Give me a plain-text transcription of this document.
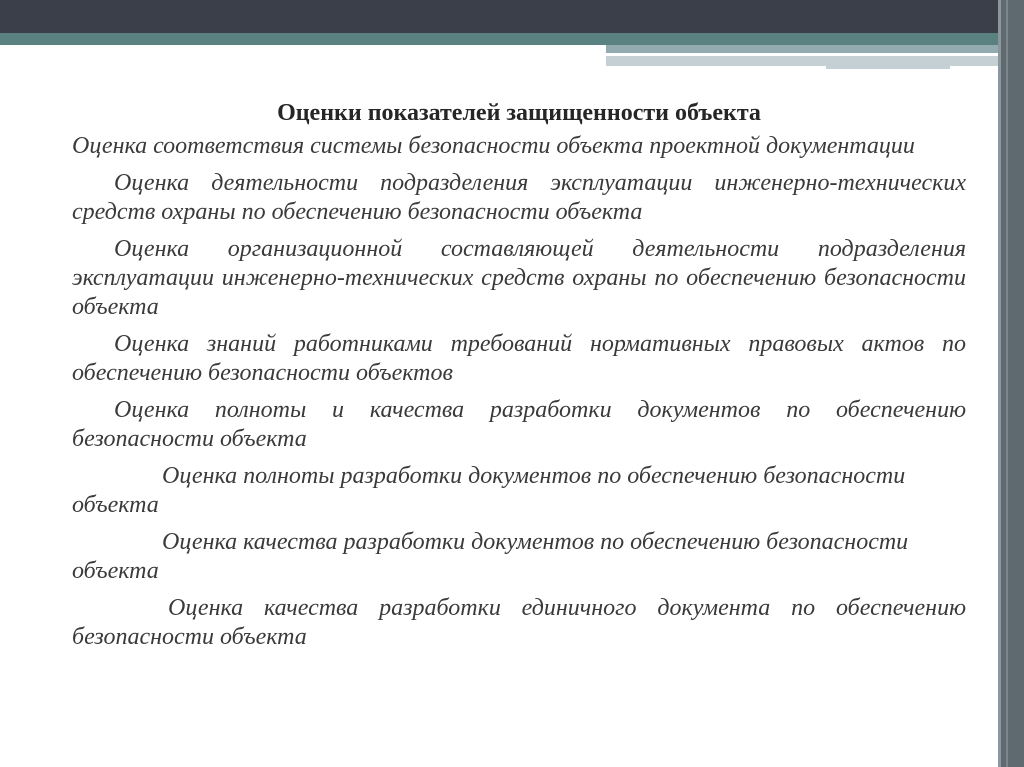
Оценки показателей защищенности объекта

Оценка соответствия системы безопасности объекта проектной документации

Оценка деятельности подразделения эксплуатации инженерно-технических средств охраны по обеспечению безопасности объекта

Оценка организационной составляющей деятельности подразделения эксплуатации инженерно-технических средств охраны по обеспечению безопасности объекта

Оценка знаний работниками требований нормативных правовых актов по обеспечению безопасности объектов

Оценка полноты и качества разработки документов по обеспечению безопасности объекта

Оценка полноты разработки документов по обеспечению безопасности объекта

Оценка качества разработки документов по обеспечению безопасности объекта

Оценка качества разработки единичного документа по обеспечению безопасности объекта
